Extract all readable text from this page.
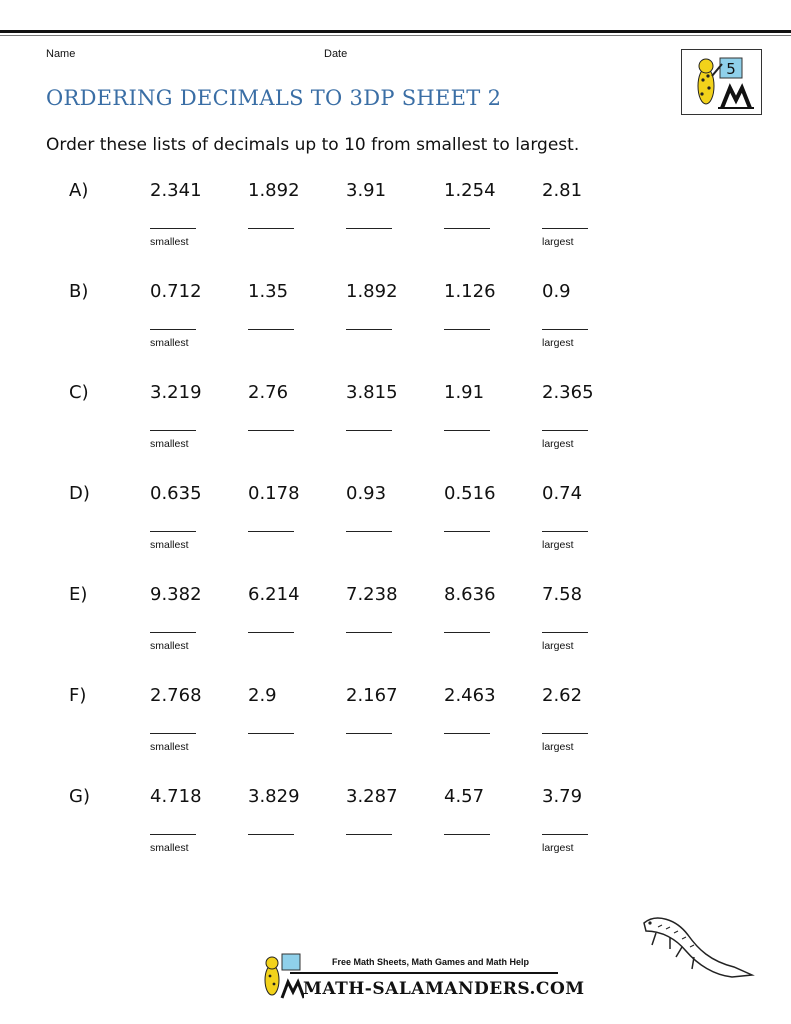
Name	Date
ORDERING DECIMALS TO 3DP SHEET 2
5
Order these lists of decimals up to 10 from smallest to largest.
A)	2.341	1.892	3.91	1.254	2.81
smallest	largest
B)	0.712	1.35	1.892	1.126	0.9
smallest	largest
C)	3.219	2.76	3.815	1.91	2.365
smallest	largest
D)	0.635	0.178	0.93	0.516	0.74
smallest	largest
E)	9.382	6.214	7.238	8.636	7.58
smallest	largest
F)	2.768	2.9	2.167	2.463	2.62
smallest	largest
G)	4.718	3.829	3.287	4.57	3.79
smallest	largest
Free Math Sheets, Math Games and Math Help
MATH-SALAMANDERS.COM
